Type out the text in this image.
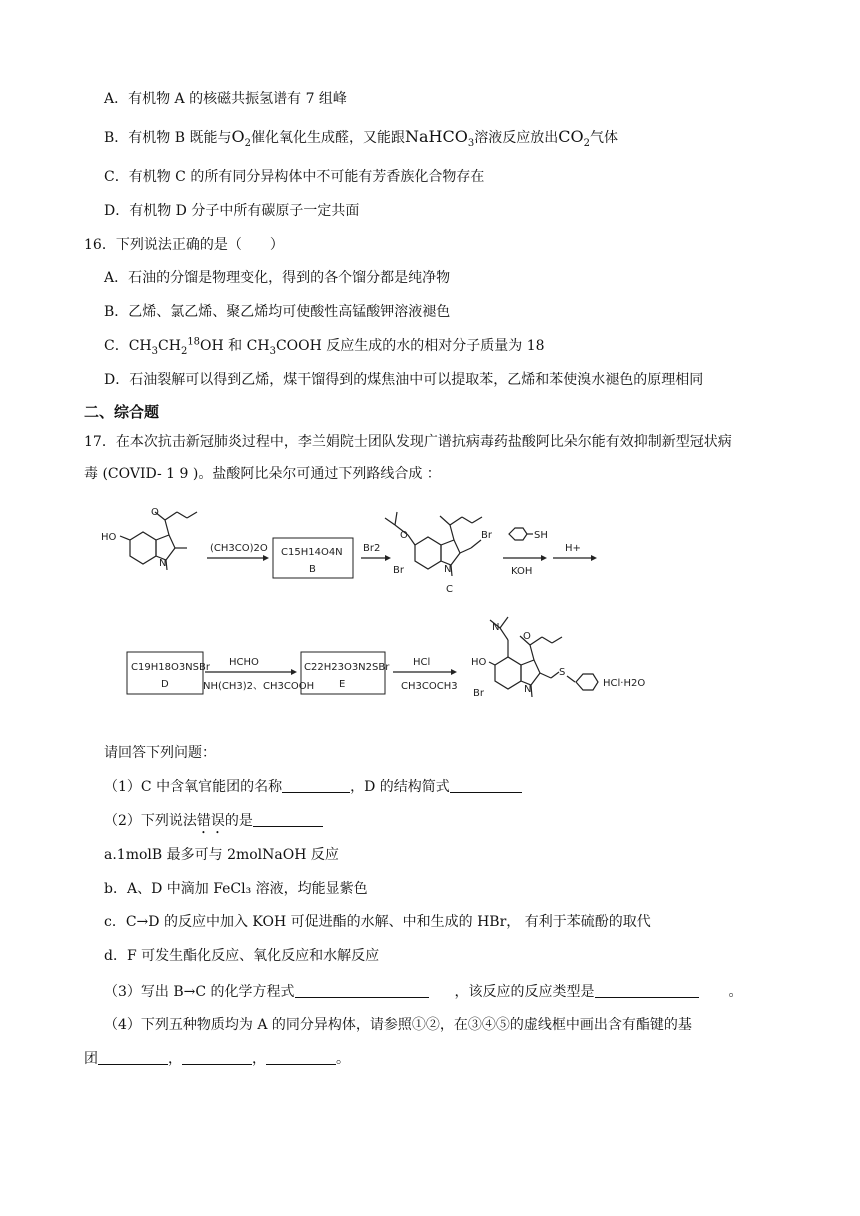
A．有机物 A 的核磁共振氢谱有 7 组峰
B．有机物 B 既能与$O_2$催化氧化生成醛，又能跟NaHCO$_3$溶液反应放出$CO_2$气体
C．有机物 C 的所有同分异构体中不可能有芳香族化合物存在
D．有机物 D 分子中所有碳原子一定共面
16．下列说法正确的是（　　）
A．石油的分馏是物理变化，得到的各个馏分都是纯净物
B．乙烯、氯乙烯、聚乙烯均可使酸性高锰酸钾溶液褪色
C．$CH_3CH_2^{18}OH$ 和 $CH_3COOH$ 反应生成的水的相对分子质量为 18
D．石油裂解可以得到乙烯，煤干馏得到的煤焦油中可以提取苯，乙烯和苯使溴水褪色的原理相同
二、综合题
17．在本次抗击新冠肺炎过程中，李兰娟院士团队发现广谱抗病毒药盐酸阿比朵尔能有效抑制新型冠状病
毒 (COVID- 1 9 )。盐酸阿比朵尔可通过下列路线合成 ：
HO
N
O
(CH3CO)2O C15H14O4N
B
Br2
O
Br
Br
N
C
SH
KOH
H+
C19H18O3NSBr
D
HCHO
NH(CH3)2、CH3COOH
C22H23O3N2SBr
E
HCl
CH3COCH3
N
O
HO
Br
S
N
HCl·H2O
请回答下列问题：
（1）C 中含氧官能团的名称	，D 的结构简式
（2）下列说法错误的是
a.1molB 最多可与 2molNaOH 反应
b．A、D 中滴加 FeCl₃ 溶液，均能显紫色
c．C→D 的反应中加入 KOH 可促进酯的水解、中和生成的 HBr， 有利于苯硫酚的取代
d．F 可发生酯化反应、氧化反应和水解反应
（3）写出 B→C 的化学方程式	，该反应的反应类型是	。
（4）下列五种物质均为 A 的同分异构体，请参照①②，在③④⑤的虚线框中画出含有酯键的基
团	，	，	。
